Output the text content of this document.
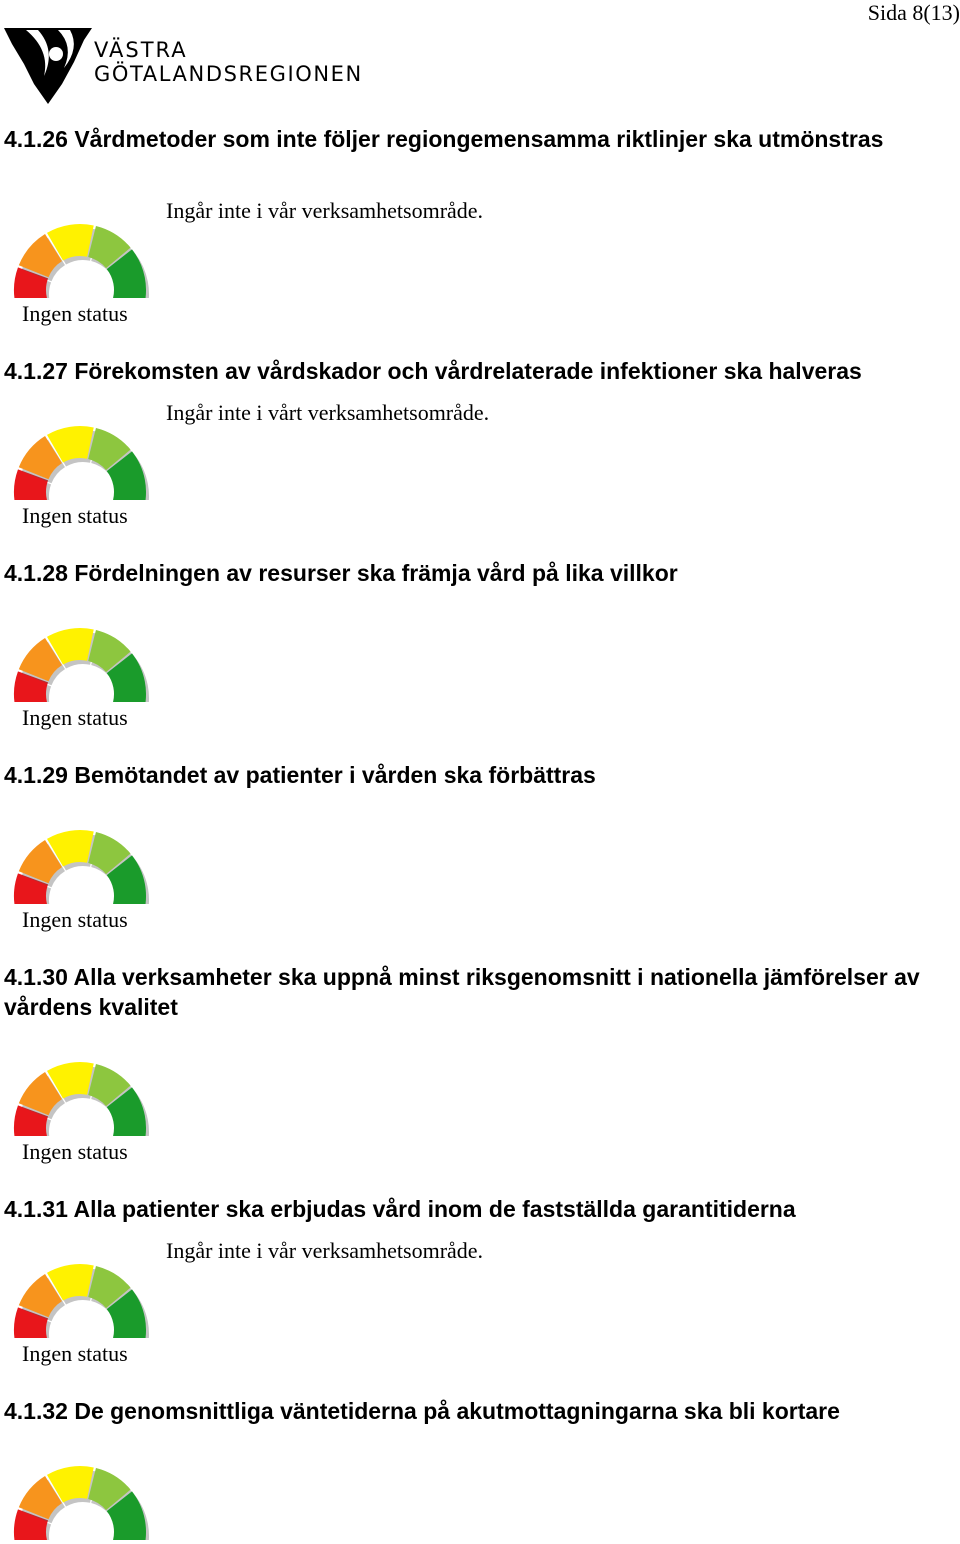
Sida 8(13)
VÄSTRA
GÖTALANDSREGIONEN
4.1.26 Vårdmetoder som inte följer regiongemensamma riktlinjer ska utmönstras
Ingår inte i vår verksamhetsområde.
Ingen status
4.1.27 Förekomsten av vårdskador och vårdrelaterade infektioner ska halveras
Ingår inte i vårt verksamhetsområde.
Ingen status
4.1.28 Fördelningen av resurser ska främja vård på lika villkor
Ingen status
4.1.29 Bemötandet av patienter i vården ska förbättras
Ingen status
4.1.30 Alla verksamheter ska uppnå minst riksgenomsnitt i nationella jämförelser av vårdens kvalitet
Ingen status
4.1.31 Alla patienter ska erbjudas vård inom de fastställda garantitiderna
Ingår inte i vår verksamhetsområde.
Ingen status
4.1.32 De genomsnittliga väntetiderna på akutmottagningarna ska bli kortare
